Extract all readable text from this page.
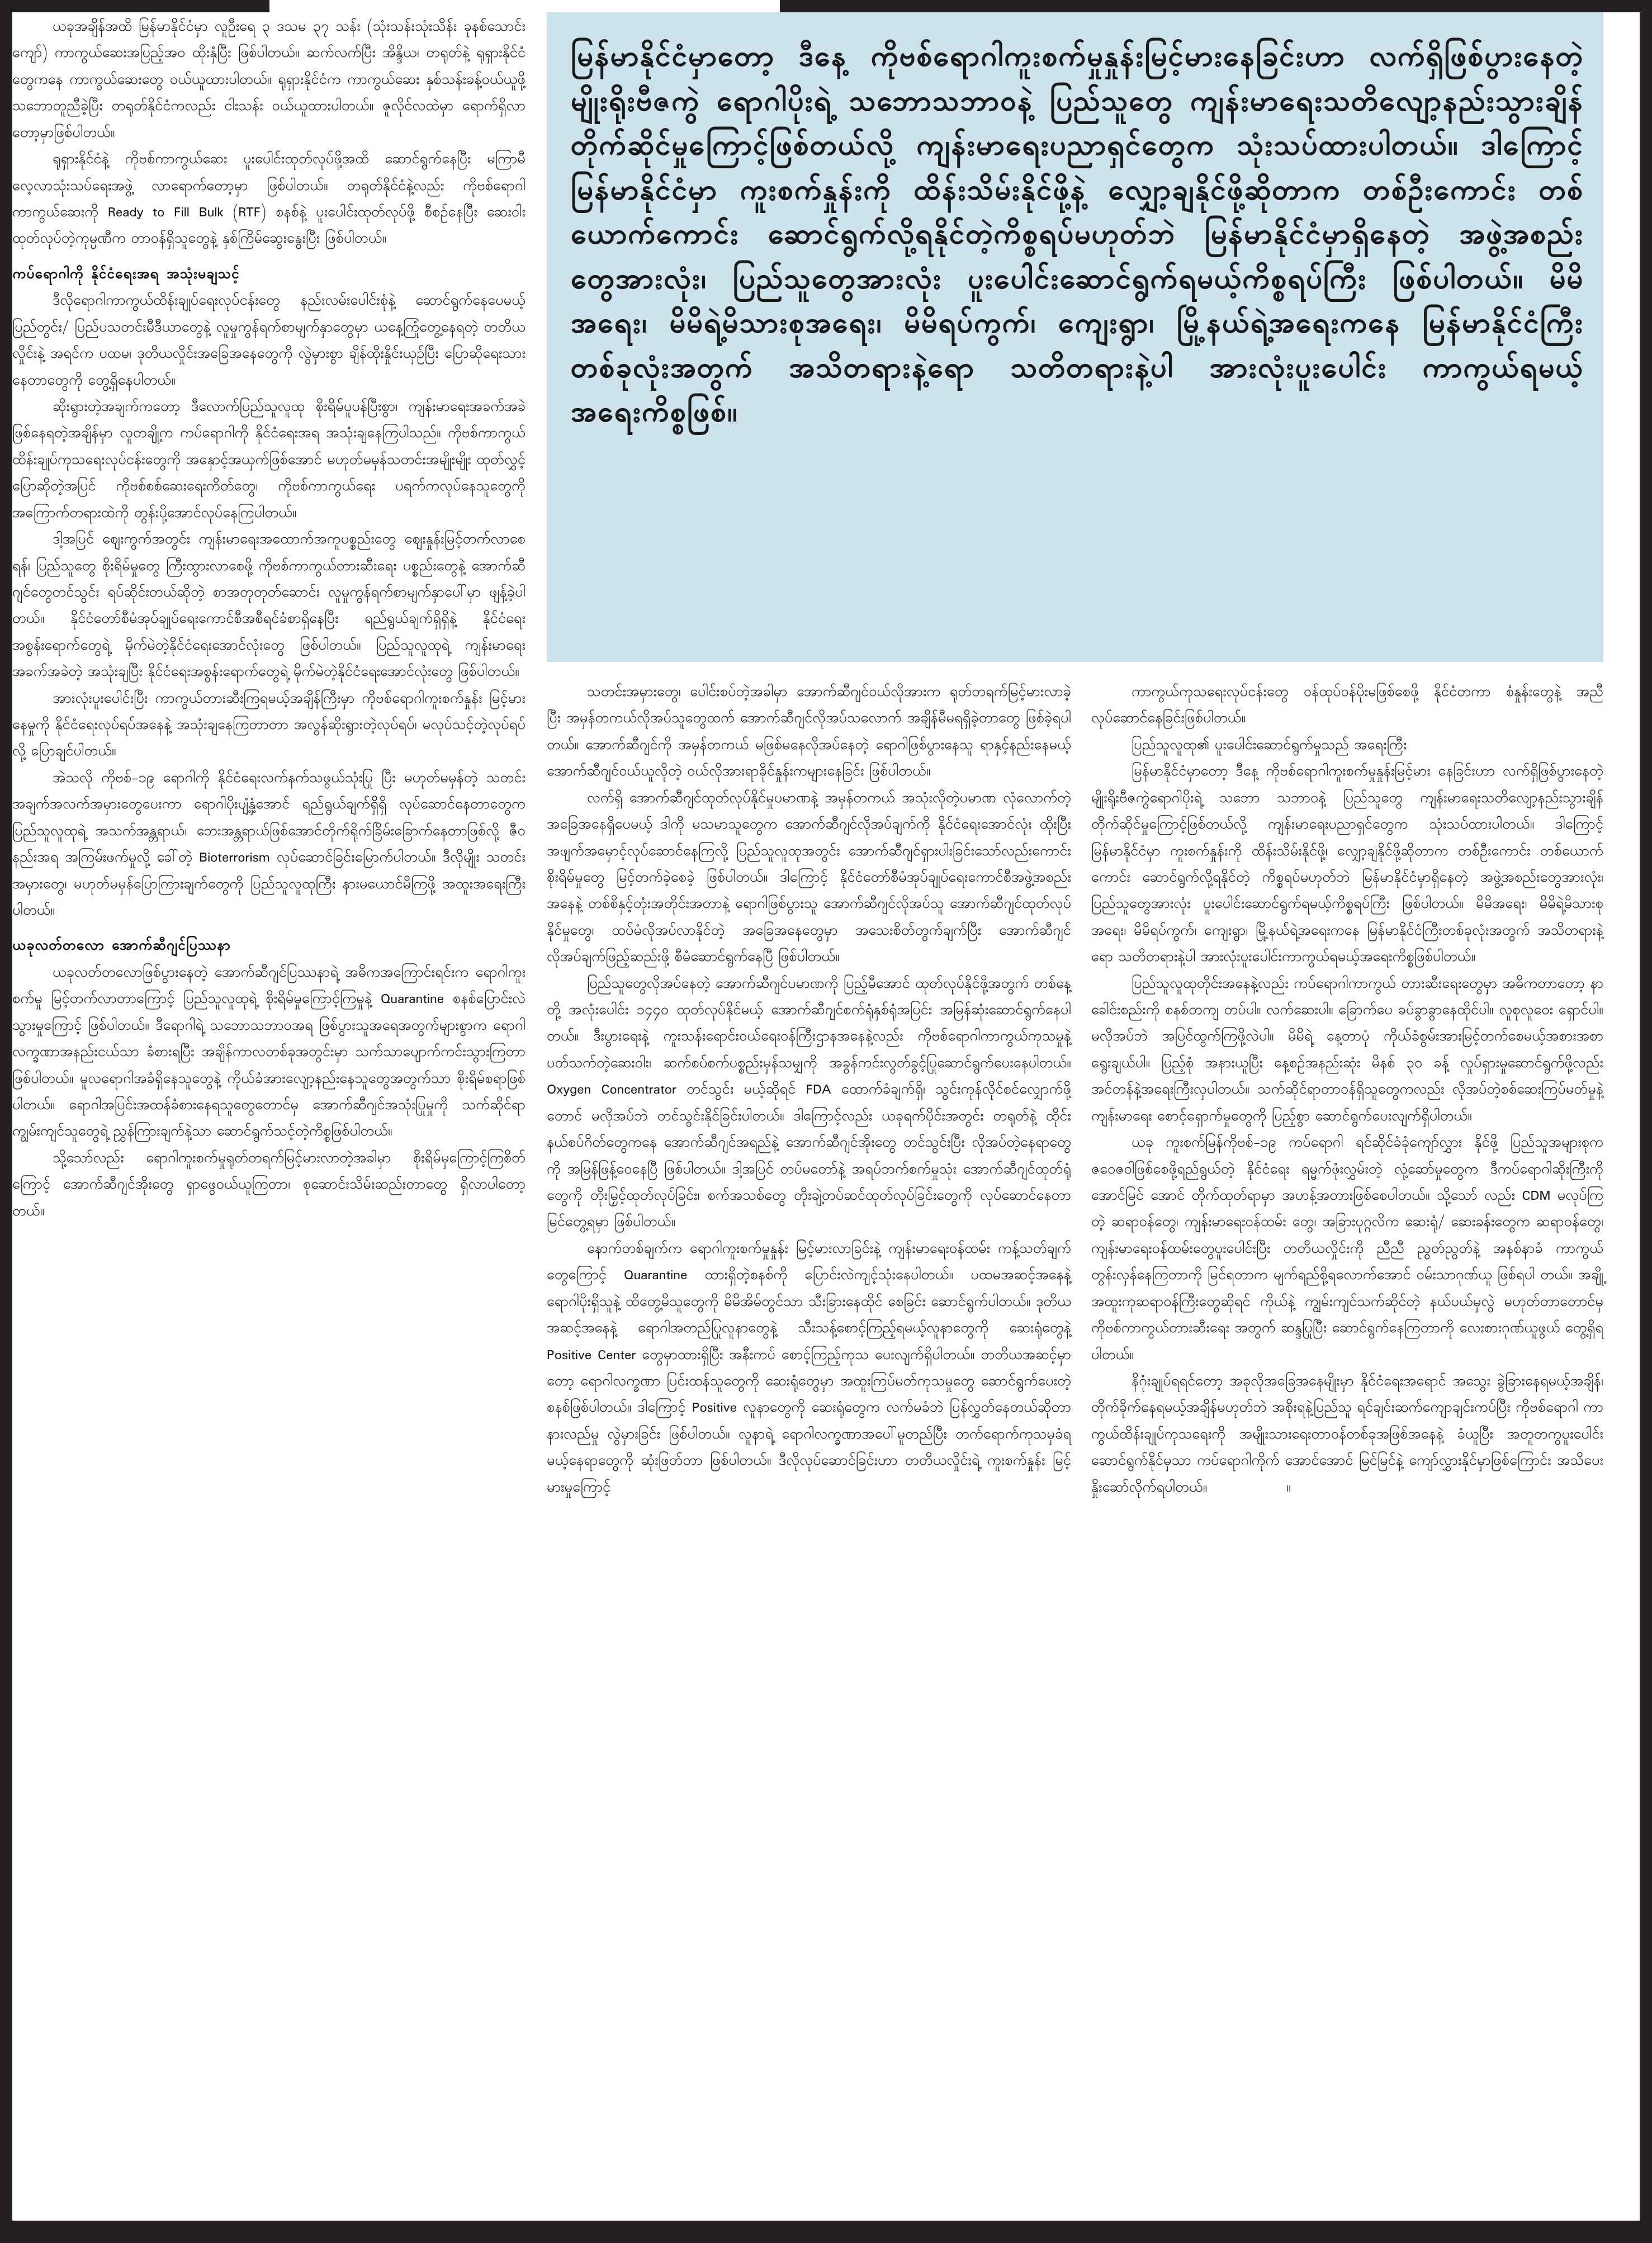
မြန်မာနိုင်ငံမှာတော့ ဒီနေ့ ကိုဗစ်ရောဂါကူးစက်မှုနှုန်းမြင့်မားနေခြင်းဟာ လက်ရှိဖြစ်ပွားနေတဲ့ မျိုးရိုးဗီဇကွဲ ရောဂါပိုးရဲ့ သဘောသဘာဝနဲ့ ပြည်သူတွေ ကျန်းမာရေးသတိလျော့နည်းသွားချိန် တိုက်ဆိုင်မှုကြောင့်ဖြစ်တယ်လို့ ကျန်းမာရေးပညာရှင်တွေက သုံးသပ်ထားပါတယ်။ ဒါကြောင့် မြန်မာနိုင်ငံမှာ ကူးစက်နှုန်းကို ထိန်းသိမ်းနိုင်ဖို့နဲ့ လျှော့ချနိုင်ဖို့ဆိုတာက တစ်ဦးကောင်း တစ်ယောက်ကောင်း ဆောင်ရွက်လို့ရနိုင်တဲ့ကိစ္စရပ်မဟုတ်ဘဲ မြန်မာနိုင်ငံမှာရှိနေတဲ့ အဖွဲ့အစည်းတွေအားလုံး၊ ပြည်သူတွေအားလုံး ပူးပေါင်းဆောင်ရွက်ရမယ့်ကိစ္စရပ်ကြီး ဖြစ်ပါတယ်။ မိမိအရေး၊ မိမိရဲ့မိသားစုအရေး၊ မိမိရပ်ကွက်၊ ကျေးရွာ၊ မြို့နယ်ရဲ့အရေးကနေ မြန်မာနိုင်ငံကြီးတစ်ခုလုံးအတွက် အသိတရားနဲ့ရော သတိတရားနဲ့ပါ အားလုံးပူးပေါင်း ကာကွယ်ရမယ့် အရေးကိစ္စဖြစ်။

ယခုအချိန်အထိ မြန်မာနိုင်ငံမှာ လူဦးရေ ၃ ဒသမ ၃၇ သန်း (သုံးသန်းသုံးသိန်း ခုနစ်သောင်းကျော်) ကာကွယ်ဆေးအပြည့်အဝ ထိုးနှံပြီး ဖြစ်ပါတယ်။ ဆက်လက်ပြီး အိန္ဒိယ၊ တရုတ်နဲ့ ရုရှားနိုင်ငံတွေကနေ ကာကွယ်ဆေးတွေ ဝယ်ယူထားပါတယ်။ ရုရှားနိုင်ငံက ကာကွယ်ဆေး နှစ်သန်းခန့်ဝယ်ယူဖို့သဘောတူညီခဲ့ပြီး တရုတ်နိုင်ငံကလည်း ငါးသန်း ဝယ်ယူထားပါတယ်။ ဇူလိုင်လထဲမှာ ရောက်ရှိလာတော့မှာဖြစ်ပါတယ်။

ရုရှားနိုင်ငံနဲ့ ကိုဗစ်ကာကွယ်ဆေး ပူးပေါင်းထုတ်လုပ်ဖို့အထိ ဆောင်ရွက်နေပြီး မကြာမီ လေ့လာသုံးသပ်ရေးအဖွဲ့ လာရောက်တော့မှာ ဖြစ်ပါတယ်။ တရုတ်နိုင်ငံနဲ့လည်း ကိုဗစ်ရောဂါကာကွယ်ဆေးကို Ready to Fill Bulk (RTF) စနစ်နဲ့ ပူးပေါင်းထုတ်လုပ်ဖို့ စီစဉ်နေပြီး ဆေးဝါးထုတ်လုပ်တဲ့ကုမ္ပဏီက တာဝန်ရှိသူတွေနဲ့ နှစ်ကြိမ်ဆွေးနွေးပြီး ဖြစ်ပါတယ်။

ကပ်ရောဂါကို နိုင်ငံရေးအရ အသုံးမချသင့်

ဒီလိုရောဂါကာကွယ်ထိန်းချုပ်ရေးလုပ်ငန်းတွေ နည်းလမ်းပေါင်းစုံနဲ့ ဆောင်ရွက်နေပေမယ့် ပြည်တွင်း/ ပြည်ပသတင်းမီဒီယာတွေနဲ့ လူမှုကွန်ရက်စာမျက်နှာတွေမှာ ယနေ့ကြုံတွေ့နေရတဲ့ တတိယလှိုင်းနဲ့ အရင်က ပထမ၊ ဒုတိယလှိုင်းအခြေအနေတွေကို လွဲမှားစွာ ချိန်ထိုးနှိုင်းယှဉ်ပြီး ပြောဆိုရေးသားနေတာတွေကို တွေ့ရှိနေပါတယ်။

ဆိုးရွားတဲ့အချက်ကတော့ ဒီလောက်ပြည်သူလူထု စိုးရိမ်ပူပန်ပြီးစွာ၊ ကျန်းမာရေးအခက်အခဲဖြစ်နေရတဲ့အချိန်မှာ လူတချို့က ကပ်ရောဂါကို နိုင်ငံရေးအရ အသုံးချနေကြပါသည်။ ကိုဗစ်ကာကွယ် ထိန်းချုပ်ကုသရေးလုပ်ငန်းတွေကို အနှောင့်အယှက်ဖြစ်အောင် မဟုတ်မမှန်သတင်းအမျိုးမျိုး ထုတ်လွှင့်ပြောဆိုတဲ့အပြင် ကိုဗစ်စစ်ဆေးရေးကိတ်တွေ၊ ကိုဗစ်ကာကွယ်ရေး ပရက်ကလုပ်နေသူတွေကို အကြောက်တရားထဲကို တွန်းပို့အောင်လုပ်နေကြပါတယ်။

ဒါ့အပြင် ဈေးကွက်အတွင်း ကျန်းမာရေးအထောက်အကူပစ္စည်းတွေ ဈေးနှုန်းမြင့်တက်လာစေရန်၊ ပြည်သူတွေ စိုးရိမ်မှုတွေ ကြီးထွားလာစေဖို့ ကိုဗစ်ကာကွယ်တားဆီးရေး ပစ္စည်းတွေနဲ့ အောက်ဆီဂျင်တွေတင်သွင်း ရပ်ဆိုင်းတယ်ဆိုတဲ့ စာအတုတုတ်ဆောင်း လူမှုကွန်ရက်စာမျက်နှာပေါ်မှာ ဖျန့်ခဲ့ပါတယ်။ နိုင်ငံတော်စီမံအုပ်ချုပ်ရေးကောင်စီအစီရင်ခံစာရှိနေပြီး ရည်ရွယ်ချက်ရှိရှိနဲ့ နိုင်ငံရေးအစွန်းရောက်တွေရဲ့ မိုက်မဲတဲ့နိုင်ငံရေးအောင်လုံးတွေ ဖြစ်ပါတယ်။ ပြည်သူလူထုရဲ့ ကျန်းမာရေးအခက်အခဲတဲ့ အသုံးချပြီး နိုင်ငံရေးအစွန်းရောက်တွေရဲ့ မိုက်မဲတဲ့နိုင်ငံရေးအောင်လုံးတွေ ဖြစ်ပါတယ်။

အားလုံးပူးပေါင်းပြီး ကာကွယ်တားဆီးကြရမယ့်အချိန်ကြီးမှာ ကိုဗစ်ရောဂါကူးစက်နှုန်း မြင့်မားနေမှုကို နိုင်ငံရေးလုပ်ရပ်အနေနဲ့ အသုံးချနေကြတာတာ အလွန်ဆိုးရွားတဲ့လုပ်ရပ်၊ မလုပ်သင့်တဲ့လုပ်ရပ်လို့ ပြောချင်ပါတယ်။

အဲသလို ကိုဗစ်-၁၉ ရောဂါကို နိုင်ငံရေးလက်နက်သဖွယ်သုံးပြု ပြီး မဟုတ်မမှန်တဲ့ သတင်းအချက်အလက်အမှားတွေပေးကာ ရောဂါပိုးပျံ့နှံ့အောင် ရည်ရွယ်ချက်ရှိရှိ လုပ်ဆောင်နေတာတွေက ပြည်သူလူထုရဲ့ အသက်အန္တရာယ်၊ ဘေးအန္တရာယ်ဖြစ်အောင်တိုက်ရိုက်ခြိမ်းခြောက်နေတာဖြစ်လို့ ဇီဝနည်းအရ အကြမ်းဖက်မှုလို့ ခေါ်တဲ့ Bioterrorism လုပ်ဆောင်ခြင်းမြောက်ပါတယ်။ ဒီလိုမျိုး သတင်းအမှားတွေ၊ မဟုတ်မမှန်ပြောကြားချက်တွေကို ပြည်သူလူထုကြီး နားမယောင်မိကြဖို့ အထူးအရေးကြီးပါတယ်။

ယခုလတ်တလော အောက်ဆီဂျင်ပြဿနာ

ယခုလတ်တလောဖြစ်ပွားနေတဲ့ အောက်ဆီဂျင်ပြဿနာရဲ့ အဓိကအကြောင်းရင်းက ရောဂါကူးစက်မှု မြင့်တက်လာတာကြောင့် ပြည်သူလူထုရဲ့ စိုးရိမ်မှုကြောင့်ကြမှုနဲ့ Quarantine စနစ်ပြောင်းလဲ သွားမှုကြောင့် ဖြစ်ပါတယ်။ ဒီရောဂါရဲ့ သဘောသဘာဝအရ ဖြစ်ပွားသူအရေအတွက်များစွာက ရောဂါလက္ခဏာအနည်းငယ်သာ ခံစားရပြီး အချိန်ကာလတစ်ခုအတွင်းမှာ သက်သာပျောက်ကင်းသွားကြတာဖြစ်ပါတယ်။ မူလရောဂါအခံရှိနေသူတွေနဲ့ ကိုယ်ခံအားလျော့နည်းနေသူတွေအတွက်သာ စိုးရိမ်စရာဖြစ်ပါတယ်။ ရောဂါအပြင်းအထန်ခံစားနေရသူတွေတောင်မှ အောက်ဆီဂျင်အသုံးပြုမှုကို သက်ဆိုင်ရာ ကျွမ်းကျင်သူတွေရဲ့ ညွှန်ကြားချက်နဲ့သာ ဆောင်ရွက်သင့်တဲ့ကိစ္စဖြစ်ပါတယ်။

သို့သော်လည်း ရောဂါကူးစက်မှုရုတ်တရက်မြင့်မားလာတဲ့အခါမှာ စိုးရိမ်မှကြောင့်ကြစိတ်ကြောင့် အောက်ဆီဂျင်အိုးတွေ ရှာဖွေဝယ်ယူကြတာ၊ စုဆောင်းသိမ်းဆည်းတာတွေ ရှိလာပါတော့တယ်။

သတင်းအမှားတွေ၊ ပေါင်းစပ်တဲ့အခါမှာ အောက်ဆီဂျင်ဝယ်လိုအားက ရုတ်တရက်မြင့်မားလာခဲ့ပြီး အမှန်တကယ်လိုအပ်သူတွေထက် အောက်ဆီဂျင်လိုအပ်သလောက် အချိန်မီမရရှိခဲ့တာတွေ ဖြစ်ခဲ့ရပါတယ်။ အောက်ဆီဂျင်ကို အမှန်တကယ် မဖြစ်မနေလိုအပ်နေတဲ့ ရောဂါဖြစ်ပွားနေသူ ရာနှင့်နည်းနေမယ့် အောက်ဆီဂျင်ဝယ်ယူလိုတဲ့ ဝယ်လိုအားရာခိုင်နှုန်းကများနေခြင်း ဖြစ်ပါတယ်။

လက်ရှိ အောက်ဆီဂျင်ထုတ်လုပ်နိုင်မှုပမာဏနဲ့ အမှန်တကယ် အသုံးလိုတဲ့ပမာဏ လုံလောက်တဲ့အခြေအနေရှိပေမယ့် ဒါကို မသမာသူတွေက အောက်ဆီဂျင်လိုအပ်ချက်ကို နိုင်ငံရေးအောင်လုံး ထိုးပြီး အဖျက်အမှောင့်လုပ်ဆောင်နေကြလို့ ပြည်သူလူထုအတွင်း အောက်ဆီဂျင်ရှားပါးခြင်းသော်လည်းကောင်း စိုးရိမ်မှုတွေ မြင့်တက်ခဲ့စေခဲ့ ဖြစ်ပါတယ်။ ဒါကြောင့် နိုင်ငံတော်စီမံအုပ်ချုပ်ရေးကောင်စီအဖွဲ့အစည်းအနေနဲ့ တစ်စိနှင့်တုံးအတိုင်းအတာနဲ့ ရောဂါဖြစ်ပွားသူ အောက်ဆီဂျင်လိုအပ်သူ အောက်ဆီဂျင်ထုတ်လုပ်နိုင်မှုတွေ၊ ထပ်မံလိုအပ်လာနိုင်တဲ့ အခြေအနေတွေမှာ အသေးစိတ်တွက်ချက်ပြီး အောက်ဆီဂျင်လိုအပ်ချက်ဖြည့်ဆည်းဖို့ စီမံဆောင်ရွက်နေပြီ ဖြစ်ပါတယ်။

ပြည်သူတွေလိုအပ်နေတဲ့ အောက်ဆီဂျင်ပမာဏကို ပြည့်မီအောင် ထုတ်လုပ်နိုင်ဖို့အတွက် တစ်နေ့တို့ အလုံးပေါင်း ၁၄၄၀ ထုတ်လုပ်နိုင်မယ့် အောက်ဆီဂျင်စက်ရုံနှစ်ရုံအပြင်း အမြန်ဆုံးဆောင်ရွက်နေပါတယ်။ ဒီးပွားရေးနဲ့ ကူးသန်းရောင်းဝယ်ရေးဝန်ကြီးဌာနအနေနဲ့လည်း ကိုဗစ်ရောဂါကာကွယ်ကုသမှုနဲ့ ပတ်သက်တဲ့ဆေးဝါး၊ ဆက်စပ်စက်ပစ္စည်းမှန်သမျှကို အခွန်ကင်းလွတ်ခွင့်ပြုဆောင်ရွက်ပေးနေပါတယ်။ Oxygen Concentrator တင်သွင်း မယ့်ဆိုရင် FDA ထောက်ခံချက်ရှိ၊ သွင်းကုန်လိုင်စင်လျှောက်ဖို့တောင် မလိုအပ်ဘဲ တင်သွင်းနိုင်ခြင်းပါတယ်။ ဒါကြောင့်လည်း ယခုရက်ပိုင်းအတွင်း တရုတ်နဲ့ ထိုင်းနယ်စပ်ဂိတ်တွေကနေ အောက်ဆီဂျင်အရည်နဲ့ အောက်ဆီဂျင်အိုးတွေ တင်သွင်းပြီး လိုအပ်တဲ့နေရာတွေကို အမြန်ဖြန့်ဝေနေပြီ ဖြစ်ပါတယ်။ ဒါ့အပြင် တပ်မတော်နဲ့ အရပ်ဘက်စက်မှုသုံး အောက်ဆီဂျင်ထုတ်ရုံတွေကို တိုးမြှင့်ထုတ်လုပ်ခြင်း၊ စက်အသစ်တွေ တိုးချဲ့တပ်ဆင်ထုတ်လုပ်ခြင်းတွေကို လုပ်ဆောင်နေတာ မြင်တွေ့ရမှာ ဖြစ်ပါတယ်။

နောက်တစ်ချက်က ရောဂါကူးစက်မှုနှုန်း မြင့်မားလာခြင်းနဲ့ ကျန်းမာရေးဝန်ထမ်း ကန့်သတ်ချက်တွေကြောင့် Quarantine ထားရှိတဲ့စနစ်ကို ပြောင်းလဲကျင့်သုံးနေပါတယ်။ ပထမအဆင့်အနေနဲ့ ရောဂါပိုးရှိသူနဲ့ ထိတွေ့မိသူတွေကို မိမိအိမ်တွင်သာ သီးခြားနေထိုင် စေခြင်း ဆောင်ရွက်ပါတယ်။ ဒုတိယအဆင့်အနေနဲ့ ရောဂါအတည်ပြုလူနာတွေနဲ့ သီးသန့်စောင့်ကြည့်ရမယ့်လူနာတွေကို ဆေးရုံတွေနဲ့ Positive Center တွေမှာထားရှိပြီး အနီးကပ် စောင့်ကြည့်ကုသ ပေးလျက်ရှိပါတယ်။ တတိယအဆင့်မှာတော့ ရောဂါလက္ခဏာ ပြင်းထန်သူတွေကို ဆေးရုံတွေမှာ အထူးကြပ်မတ်ကုသမှုတွေ ဆောင်ရွက်ပေးတဲ့စနစ်ဖြစ်ပါတယ်။ ဒါကြောင့် Positive လူနာတွေကို ဆေးရုံတွေက လက်မခံဘဲ ပြန်လွှတ်နေတယ်ဆိုတာ နားလည်မှု လွဲမှားခြင်း ဖြစ်ပါတယ်။ လူနာရဲ့ ရောဂါလက္ခဏာအပေါ်မူတည်ပြီး တက်ရောက်ကုသမှခံရမယ့်နေရာတွေကို ဆုံးဖြတ်တာ ဖြစ်ပါတယ်။ ဒီလိုလုပ်ဆောင်ခြင်းဟာ တတိယလှိုင်းရဲ့ ကူးစက်နှုန်း မြင့်မားမှုကြောင့်

ကာကွယ်ကုသရေးလုပ်ငန်းတွေ ဝန်ထုပ်ဝန်ပိုးမဖြစ်စေဖို့ နိုင်ငံတကာ စံနှုန်းတွေနဲ့ အညီ လုပ်ဆောင်နေခြင်းဖြစ်ပါတယ်။

ပြည်သူလူထု၏ ပူးပေါင်းဆောင်ရွက်မှုသည် အရေးကြီး

မြန်မာနိုင်ငံမှာတော့ ဒီနေ့ ကိုဗစ်ရောဂါကူးစက်မှုနှုန်းမြင့်မား နေခြင်းဟာ လက်ရှိဖြစ်ပွားနေတဲ့ မျိုးရိုးဗီဇကွဲရောဂါပိုးရဲ့ သဘော သဘာဝနဲ့ ပြည်သူတွေ ကျန်းမာရေးသတိလျော့နည်းသွားချိန် တိုက်ဆိုင်မှုကြောင့်ဖြစ်တယ်လို့ ကျန်းမာရေးပညာရှင်တွေက သုံးသပ်ထားပါတယ်။ ဒါကြောင့် မြန်မာနိုင်ငံမှာ ကူးစက်နှုန်းကို ထိန်းသိမ်းနိုင်ဖို့၊ လျှော့ချနိုင်ဖို့ဆိုတာက တစ်ဦးကောင်း တစ်ယောက်ကောင်း ဆောင်ရွက်လို့ရနိုင်တဲ့ ကိစ္စရပ်မဟုတ်ဘဲ မြန်မာနိုင်ငံမှာရှိနေတဲ့ အဖွဲ့အစည်းတွေအားလုံး၊ ပြည်သူတွေအားလုံး ပူးပေါင်းဆောင်ရွက်ရမယ့်ကိစ္စရပ်ကြီး ဖြစ်ပါတယ်။ မိမိအရေး၊ မိမိရဲ့မိသားစုအရေး၊ မိမိရပ်ကွက်၊ ကျေးရွာ၊ မြို့နယ်ရဲ့အရေးကနေ မြန်မာနိုင်ငံကြီးတစ်ခုလုံးအတွက် အသိတရားနဲ့ရော သတိတရားနဲ့ပါ အားလုံးပူးပေါင်းကာကွယ်ရမယ့်အရေးကိစ္စဖြစ်ပါတယ်။

ပြည်သူလူထုတိုင်းအနေနဲ့လည်း ကပ်ရောဂါကာကွယ် တားဆီးရေးတွေမှာ အဓိကတာတော့ နာခေါင်းစည်းကို စနစ်တကျ တပ်ပါ။ လက်ဆေးပါ။ ခြောက်ပေ ခပ်ခွာခွာနေထိုင်ပါ။ လူစုလူဝေး ရှောင်ပါ။ မလိုအပ်ဘဲ အပြင်ထွက်ကြဖို့လဲပါ။ မိမိရဲ့ နေ့တာပုံ ကိုယ်ခံစွမ်းအားမြင့်တက်စေမယ့်အစားအစာ ရွေးချယ်ပါ။ ပြည့်စုံ အနားယူပြီး နေ့စဉ်အနည်းဆုံး မိနစ် ၃၀ ခန့် လှုပ်ရှားမှုဆောင်ရွက်ဖို့လည်း အင်တန်နဲ့အရေးကြီးလှပါတယ်။ သက်ဆိုင်ရာတာဝန်ရှိသူတွေကလည်း လိုအပ်တဲ့စစ်ဆေးကြပ်မတ်မှုနဲ့ ကျန်းမာရေး စောင့်ရှောက်မှုတွေကို ပြည့်စွာ ဆောင်ရွက်ပေးလျက်ရှိပါတယ်။

ယခု ကူးစက်မြန်ကိုဗစ်-၁၉ ကပ်ရောဂါ ရင်ဆိုင်ခံခုံကျော်လွှား နိုင်ဖို့ ပြည်သူအများစုက ဇဝေဇဝါဖြစ်စေဖို့ရည်ရွယ်တဲ့ နိုင်ငံရေး ရမ္မက်ဖုံးလွှမ်းတဲ့ လုံ့ဆော်မှုတွေက ဒီကပ်ရောဂါဆိုးကြီးကိုအောင်မြင် အောင် တိုက်ထုတ်ရာမှာ အဟန့်အတားဖြစ်စေပါတယ်။ သို့သော် လည်း CDM မလုပ်ကြတဲ့ ဆရာဝန်တွေ၊ ကျန်းမာရေးဝန်ထမ်း တွေ၊ အခြားပုဂ္ဂလိက ဆေးရုံ/ ဆေးခန်းတွေက ဆရာဝန်တွေ၊ ကျန်းမာရေးဝန်ထမ်းတွေပူးပေါင်းပြီး တတိယလှိုင်းကို ညီညီ ညွတ်ညွတ်နဲ့ အနစ်နာခံ ကာကွယ်တွန်းလှန်နေကြတာကို မြင်ရတာက မျက်ရည်စို့ရလောက်အောင် ဝမ်းသာဂုဏ်ယူ ဖြစ်ရပါ တယ်။ အချို့အထူးကုဆရာဝန်ကြီးတွေဆိုရင် ကိုယ်နဲ့ ကျွမ်းကျင်သက်ဆိုင်တဲ့ နယ်ပယ်မှလွဲ မဟုတ်တာတောင်မှ ကိုဗစ်ကာကွယ်တားဆီးရေး အတွက် ဆန္ဒပြုပြီး ဆောင်ရွက်နေကြတာကို လေးစားဂုဏ်ယူဖွယ် တွေ့ရှိရပါတယ်။

နိဂုံးချုပ်ရရင်တော့ အခုလိုအခြေအနေမျိုးမှာ နိုင်ငံရေးအရောင် အသွေး ခွဲခြားနေရမယ့်အချိန်၊ တိုက်ခိုက်နေရမယ့်အချိန်မဟုတ်ဘဲ အစိုးရနဲ့ပြည်သူ ရင်ချင်းဆက်ကျောချင်းကပ်ပြီး ကိုဗစ်ရောဂါ ကာကွယ်ထိန်းချုပ်ကုသရေးကို အမျိုးသားရေးတာဝန်တစ်ခုအဖြစ်အနေနဲ့ ခံယူပြီး အတူတကွပူးပေါင်းဆောင်ရွက်နိုင်မှသာ ကပ်ရောဂါကိုက် အောင်အောင် မြင်မြင်နဲ့ ကျော်လွှားနိုင်မှာဖြစ်ကြောင်း အသိပေး နှိုးဆော်လိုက်ရပါတယ်။	။
